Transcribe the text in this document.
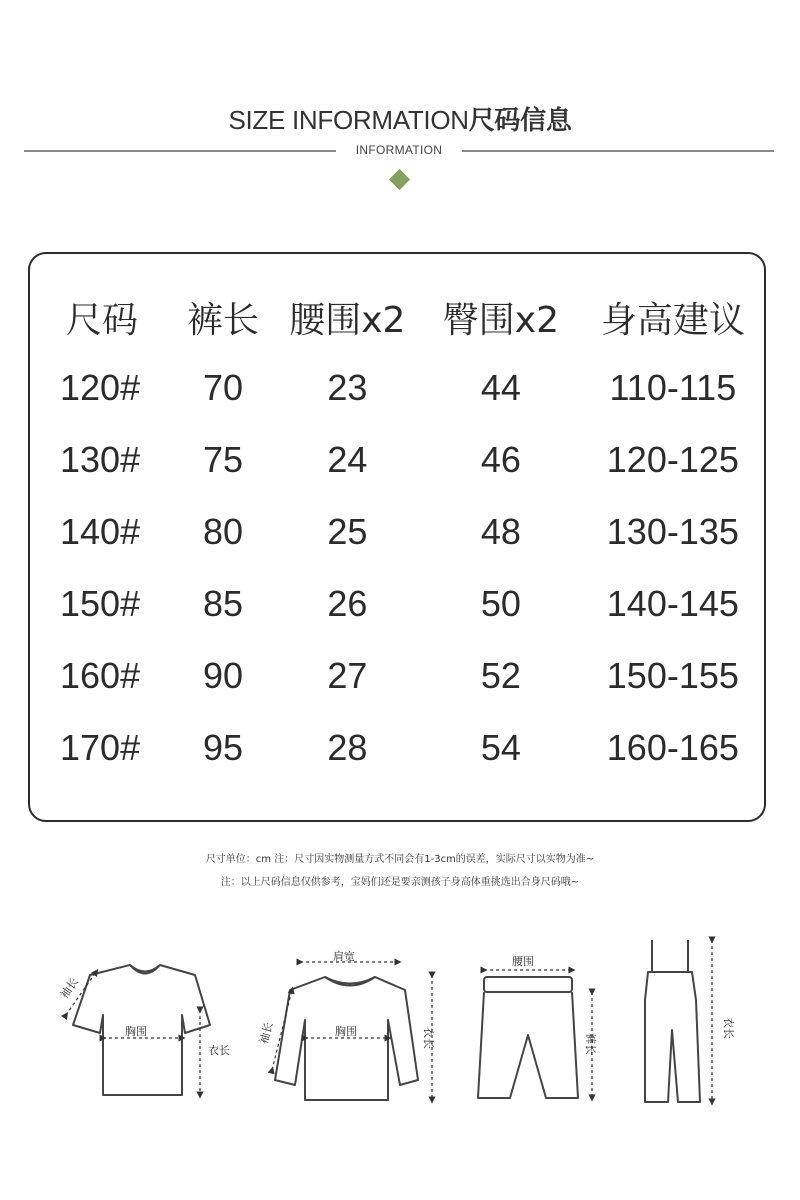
SIZE INFORMATION尺码信息
INFORMATION
尺码	裤长	腰围x2	臀围x2	身高建议
120#	70	23	44	110-115
130#	75	24	46	120-125
140#	80	25	48	130-135
150#	85	26	50	140-145
160#	90	27	52	150-155
170#	95	28	54	160-165
尺寸单位：cm 注：尺寸因实物测量方式不同会有1-3cm的误差，实际尺寸以实物为准~
注：以上尺码信息仅供参考，宝妈们还是要亲测孩子身高体重挑选出合身尺码哦~
袖长
胸围
衣长
肩宽
袖长	胸围	衣长
腰围
裤长
衣长
